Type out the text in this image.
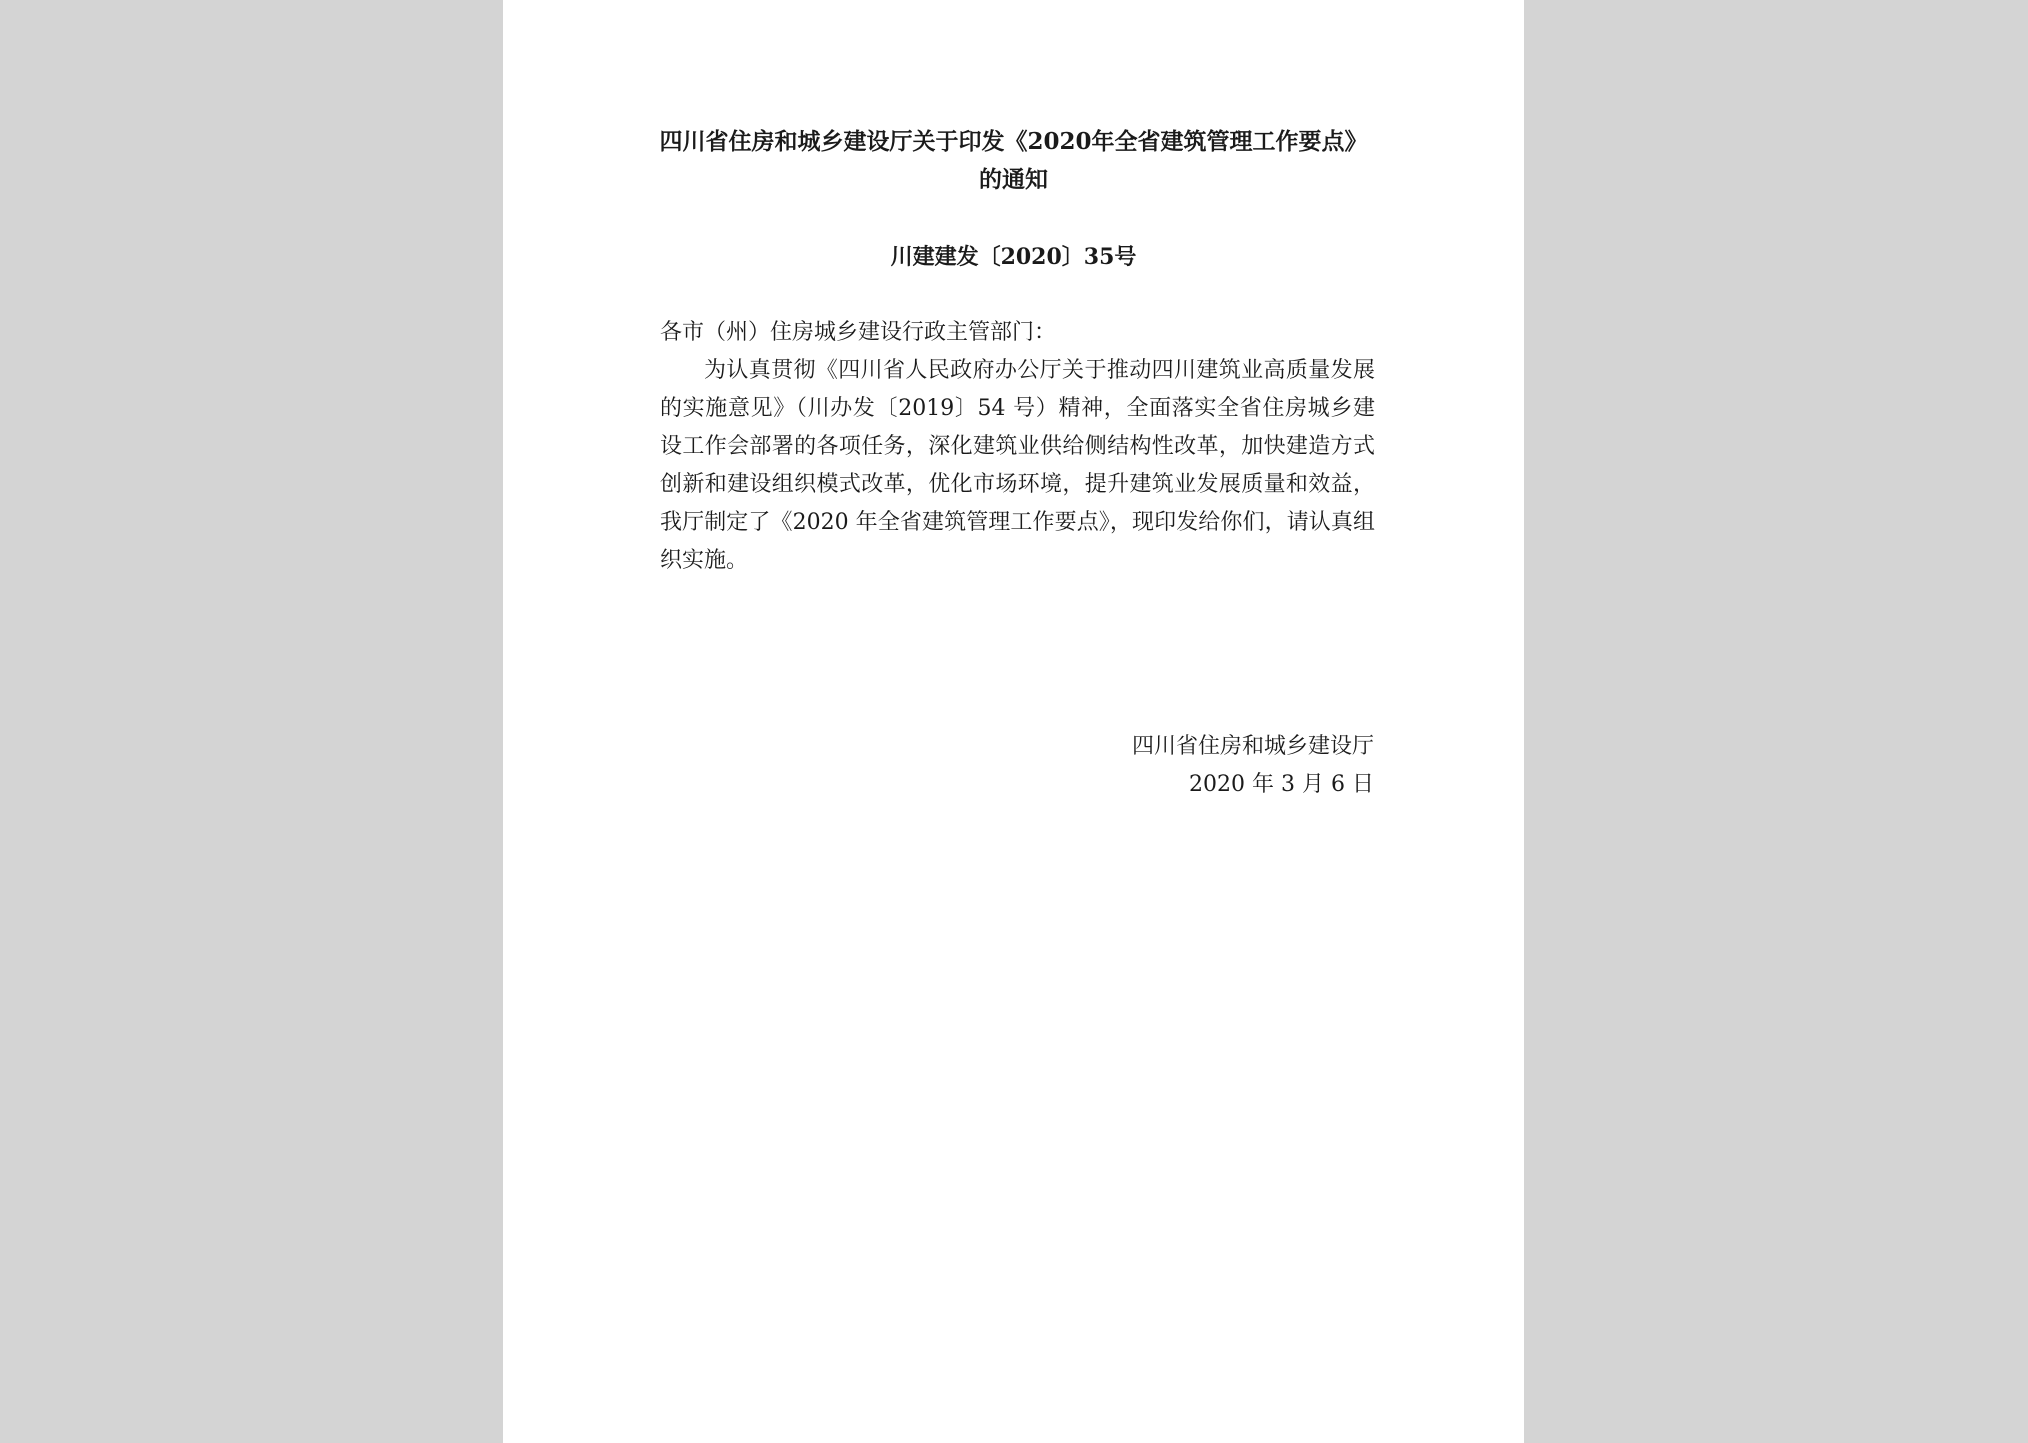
四川省住房和城乡建设厅关于印发《2020年全省建筑管理工作要点》
的通知
川建建发〔2020〕35号

各市（州）住房城乡建设行政主管部门：

为认真贯彻《四川省人民政府办公厅关于推动四川建筑业高质量发展的实施意见》（川办发〔2019〕54 号）精神，全面落实全省住房城乡建设工作会部署的各项任务，深化建筑业供给侧结构性改革，加快建造方式创新和建设组织模式改革，优化市场环境，提升建筑业发展质量和效益，我厅制定了《2020 年全省建筑管理工作要点》，现印发给你们，请认真组织实施。

四川省住房和城乡建设厅
2020 年 3 月 6 日
